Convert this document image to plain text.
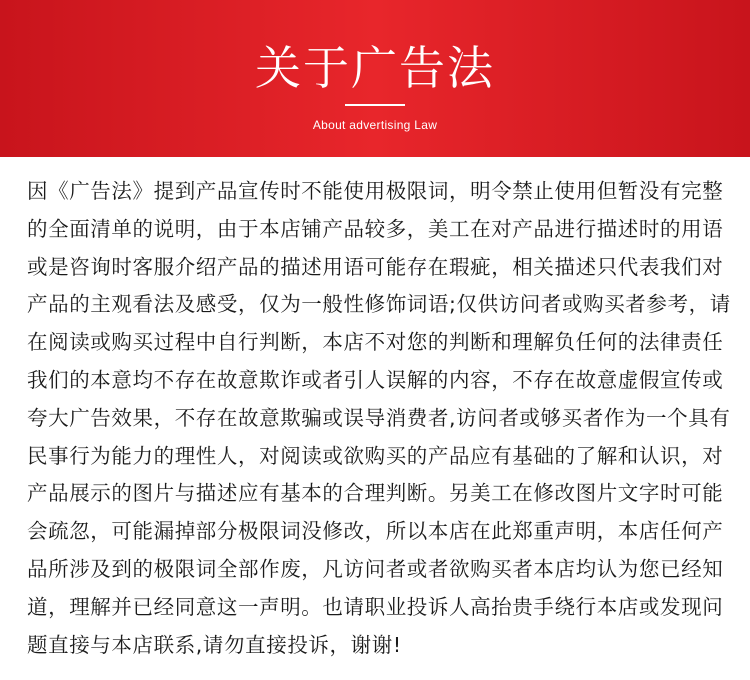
关于广告法
About advertising Law
因《广告法》提到产品宣传时不能使用极限词，明令禁止使用但暂没有完整
的全面清单的说明，由于本店铺产品较多，美工在对产品进行描述时的用语
或是咨询时客服介绍产品的描述用语可能存在瑕疵，相关描述只代表我们对
产品的主观看法及感受，仅为一般性修饰词语;仅供访问者或购买者参考，请
在阅读或购买过程中自行判断，本店不对您的判断和理解负任何的法律责任
我们的本意均不存在故意欺诈或者引人误解的内容，不存在故意虚假宣传或
夸大广告效果，不存在故意欺骗或误导消费者,访问者或够买者作为一个具有
民事行为能力的理性人，对阅读或欲购买的产品应有基础的了解和认识，对
产品展示的图片与描述应有基本的合理判断。另美工在修改图片文字时可能
会疏忽，可能漏掉部分极限词没修改，所以本店在此郑重声明，本店任何产
品所涉及到的极限词全部作废，凡访问者或者欲购买者本店均认为您已经知
道，理解并已经同意这一声明。也请职业投诉人高抬贵手绕行本店或发现问
题直接与本店联系,请勿直接投诉，谢谢!
